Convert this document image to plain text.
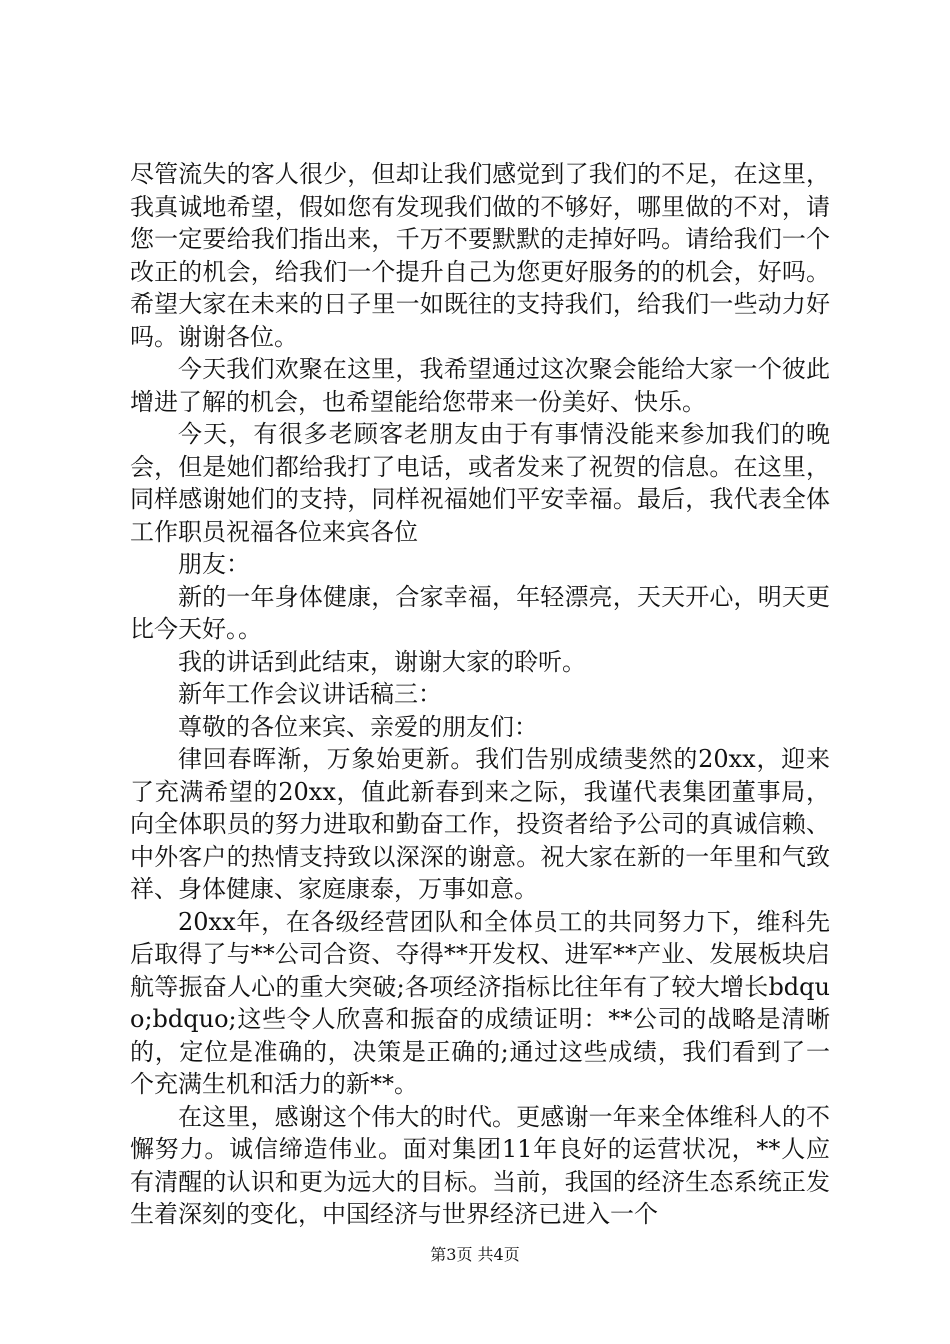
尽管流失的客人很少，但却让我们感觉到了我们的不足，在这里，我真诚地希望，假如您有发现我们做的不够好，哪里做的不对，请您一定要给我们指出来，千万不要默默的走掉好吗。请给我们一个改正的机会，给我们一个提升自己为您更好服务的的机会，好吗。希望大家在未来的日子里一如既往的支持我们，给我们一些动力好吗。谢谢各位。

今天我们欢聚在这里，我希望通过这次聚会能给大家一个彼此增进了解的机会，也希望能给您带来一份美好、快乐。

今天，有很多老顾客老朋友由于有事情没能来参加我们的晚会，但是她们都给我打了电话，或者发来了祝贺的信息。在这里，同样感谢她们的支持，同样祝福她们平安幸福。最后，我代表全体工作职员祝福各位来宾各位

朋友：

新的一年身体健康，合家幸福，年轻漂亮，天天开心，明天更比今天好。。

我的讲话到此结束，谢谢大家的聆听。

新年工作会议讲话稿三：

尊敬的各位来宾、亲爱的朋友们：

律回春晖渐，万象始更新。我们告别成绩斐然的20xx，迎来了充满希望的20xx，值此新春到来之际，我谨代表集团董事局，向全体职员的努力进取和勤奋工作，投资者给予公司的真诚信赖、中外客户的热情支持致以深深的谢意。祝大家在新的一年里和气致祥、身体健康、家庭康泰，万事如意。

20xx年，在各级经营团队和全体员工的共同努力下，维科先后取得了与**公司合资、夺得**开发权、进军**产业、发展板块启航等振奋人心的重大突破;各项经济指标比往年有了较大增长bdquo;bdquo;这些令人欣喜和振奋的成绩证明：**公司的战略是清晰的，定位是准确的，决策是正确的;通过这些成绩，我们看到了一个充满生机和活力的新**。

在这里，感谢这个伟大的时代。更感谢一年来全体维科人的不懈努力。诚信缔造伟业。面对集团11年良好的运营状况，**人应有清醒的认识和更为远大的目标。当前，我国的经济生态系统正发生着深刻的变化，中国经济与世界经济已进入一个

第3页 共4页
